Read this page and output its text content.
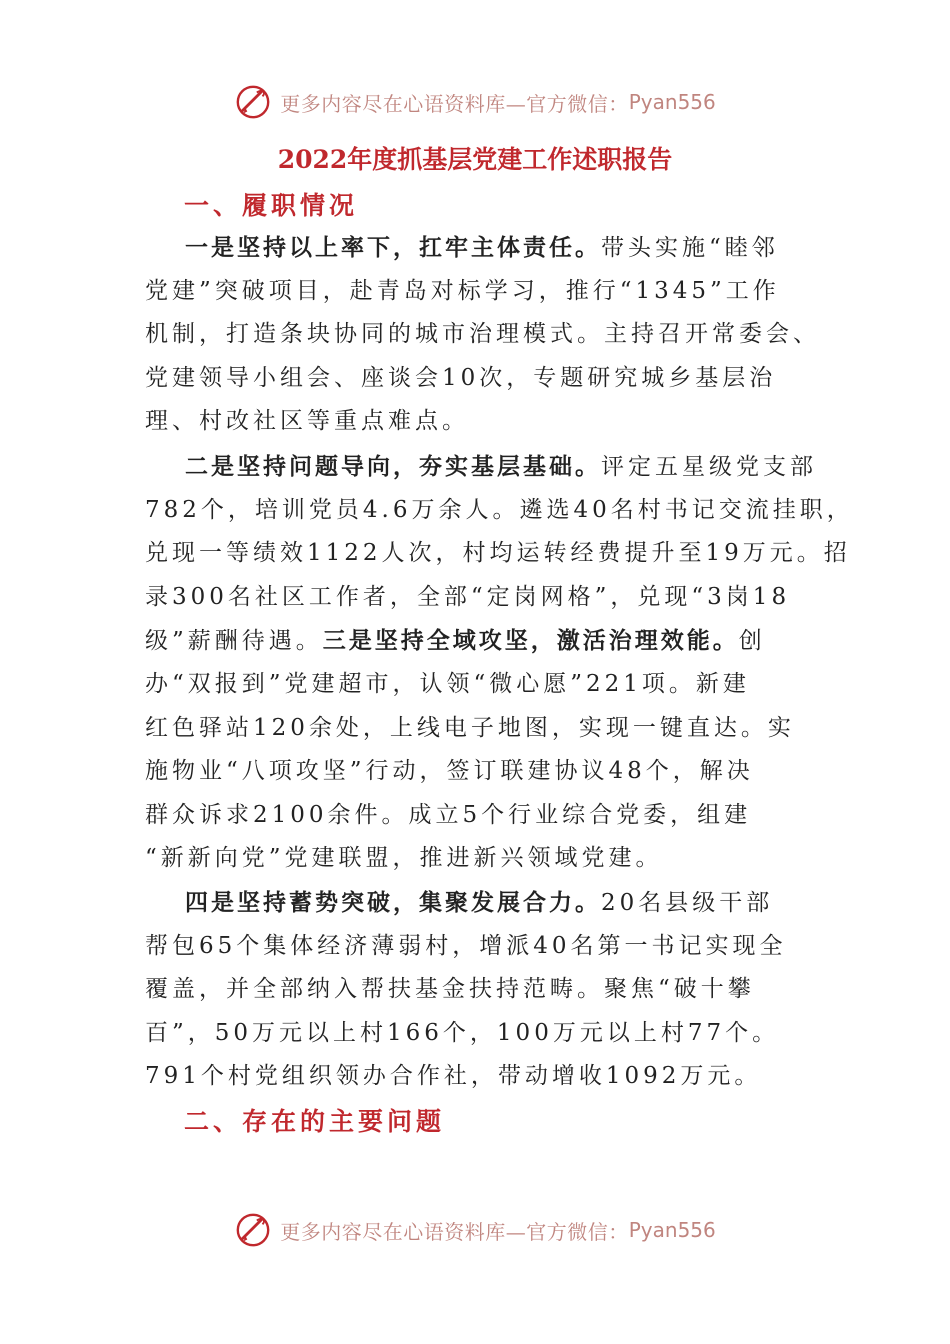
更多内容尽在心语资料库—官方微信： Pyan556
2022年度抓基层党建工作述职报告
一、履职情况
一是坚持以上率下，扛牢主体责任。带头实施“睦邻
党建”突破项目，赴青岛对标学习，推行“1345”工作
机制，打造条块协同的城市治理模式。主持召开常委会、
党建领导小组会、座谈会10次，专题研究城乡基层治
理、村改社区等重点难点。
二是坚持问题导向，夯实基层基础。评定五星级党支部
782个，培训党员4.6万余人。遴选40名村书记交流挂职，
兑现一等绩效1122人次，村均运转经费提升至19万元。招
录300名社区工作者，全部“定岗网格”，兑现“3岗18
级”薪酬待遇。三是坚持全域攻坚，激活治理效能。创
办“双报到”党建超市，认领“微心愿”221项。新建
红色驿站120余处，上线电子地图，实现一键直达。实
施物业“八项攻坚”行动，签订联建协议48个，解决
群众诉求2100余件。成立5个行业综合党委，组建
“新新向党”党建联盟，推进新兴领域党建。
四是坚持蓄势突破，集聚发展合力。20名县级干部
帮包65个集体经济薄弱村，增派40名第一书记实现全
覆盖，并全部纳入帮扶基金扶持范畴。聚焦“破十攀
百”，50万元以上村166个，100万元以上村77个。
791个村党组织领办合作社，带动增收1092万元。
二、存在的主要问题
更多内容尽在心语资料库—官方微信： Pyan556
